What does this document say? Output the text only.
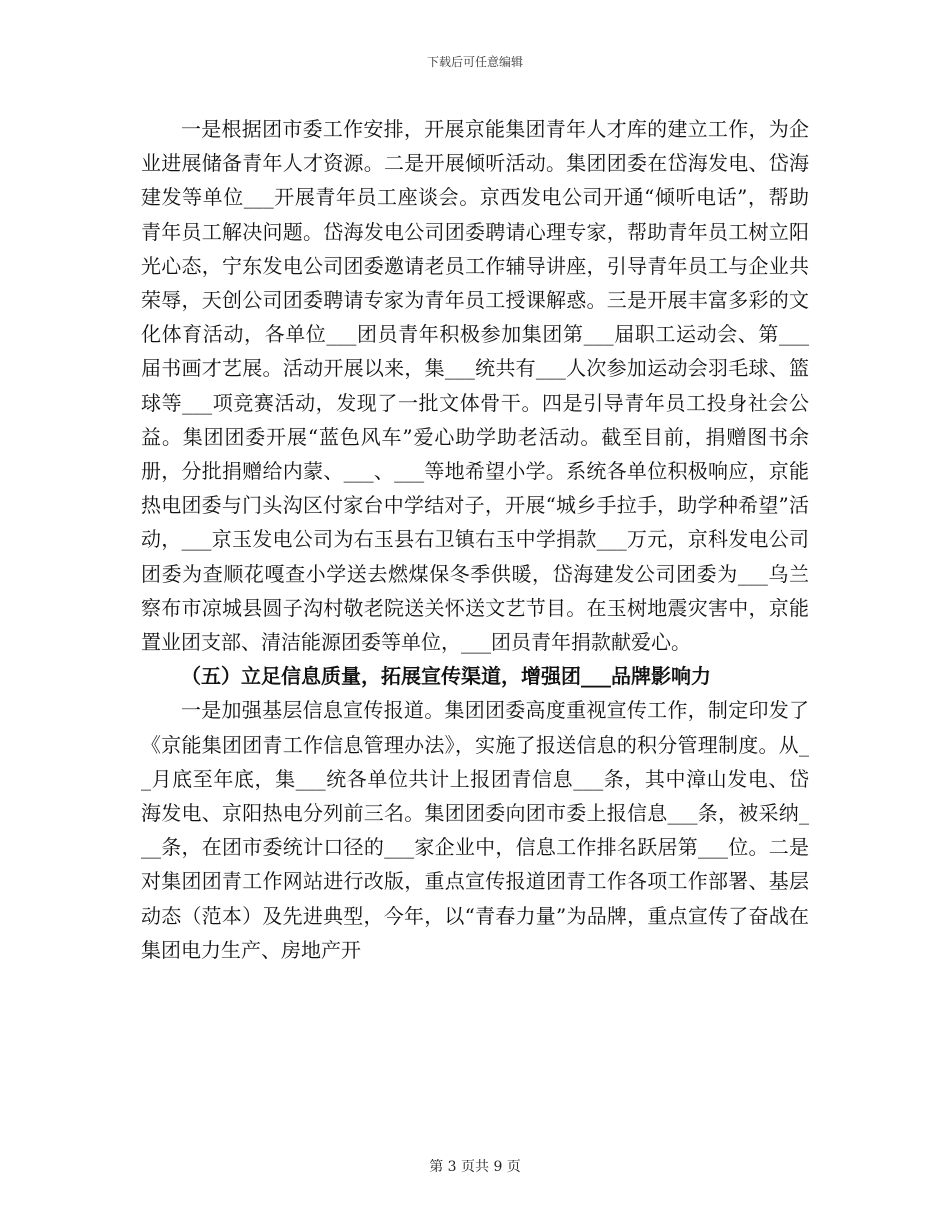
下载后可任意编辑

一是根据团市委工作安排，开展京能集团青年人才库的建立工作，为企业进展储备青年人才资源。二是开展倾听活动。集团团委在岱海发电、岱海建发等单位___开展青年员工座谈会。京西发电公司开通“倾听电话”，帮助青年员工解决问题。岱海发电公司团委聘请心理专家，帮助青年员工树立阳光心态，宁东发电公司团委邀请老员工作辅导讲座，引导青年员工与企业共荣辱，天创公司团委聘请专家为青年员工授课解惑。三是开展丰富多彩的文化体育活动，各单位___团员青年积极参加集团第___届职工运动会、第___届书画才艺展。活动开展以来，集___统共有___人次参加运动会羽毛球、篮球等___项竞赛活动，发现了一批文体骨干。四是引导青年员工投身社会公益。集团团委开展“蓝色风车”爱心助学助老活动。截至目前，捐赠图书余册，分批捐赠给内蒙、___、___等地希望小学。系统各单位积极响应，京能热电团委与门头沟区付家台中学结对子，开展“城乡手拉手，助学种希望”活动，___京玉发电公司为右玉县右卫镇右玉中学捐款___万元，京科发电公司团委为查顺花嘎查小学送去燃煤保冬季供暖，岱海建发公司团委为___乌兰察布市凉城县圆子沟村敬老院送关怀送文艺节目。在玉树地震灾害中，京能置业团支部、清洁能源团委等单位，___团员青年捐款献爱心。

（五）立足信息质量，拓展宣传渠道，增强团___品牌影响力

一是加强基层信息宣传报道。集团团委高度重视宣传工作，制定印发了《京能集团团青工作信息管理办法》，实施了报送信息的积分管理制度。从__月底至年底，集___统各单位共计上报团青信息___条，其中漳山发电、岱海发电、京阳热电分列前三名。集团团委向团市委上报信息___条，被采纳___条，在团市委统计口径的___家企业中，信息工作排名跃居第___位。二是对集团团青工作网站进行改版，重点宣传报道团青工作各项工作部署、基层动态（范本）及先进典型，今年，以“青春力量”为品牌，重点宣传了奋战在集团电力生产、房地产开

第 3 页共 9 页
